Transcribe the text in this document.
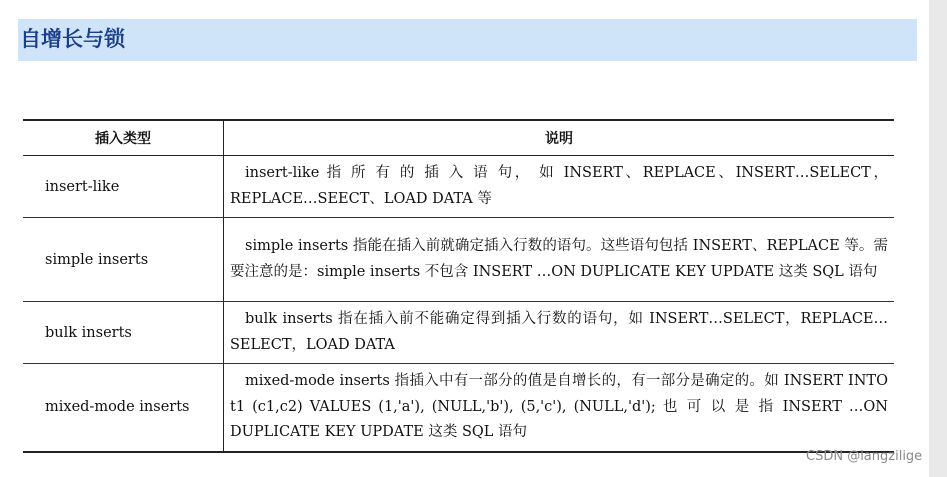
自增长与锁
插入类型	说明
insert-like	insert-like 指 所 有 的 插 入 语 句， 如 INSERT、REPLACE、INSERT…SELECT，REPLACE…SEECT、LOAD DATA 等
simple inserts	simple inserts 指能在插入前就确定插入行数的语句。这些语句包括 INSERT、REPLACE 等。需要注意的是：simple inserts 不包含 INSERT …ON DUPLICATE KEY UPDATE 这类 SQL 语句
bulk inserts	bulk inserts 指在插入前不能确定得到插入行数的语句，如 INSERT…SELECT，REPLACE…SELECT，LOAD DATA
mixed-mode inserts	mixed-mode inserts 指插入中有一部分的值是自增长的，有一部分是确定的。如 INSERT INTO t1 (c1,c2) VALUES (1,'a'), (NULL,'b'), (5,'c'), (NULL,'d'); 也 可 以 是 指 INSERT …ON DUPLICATE KEY UPDATE 这类 SQL 语句
CSDN @langzilige
